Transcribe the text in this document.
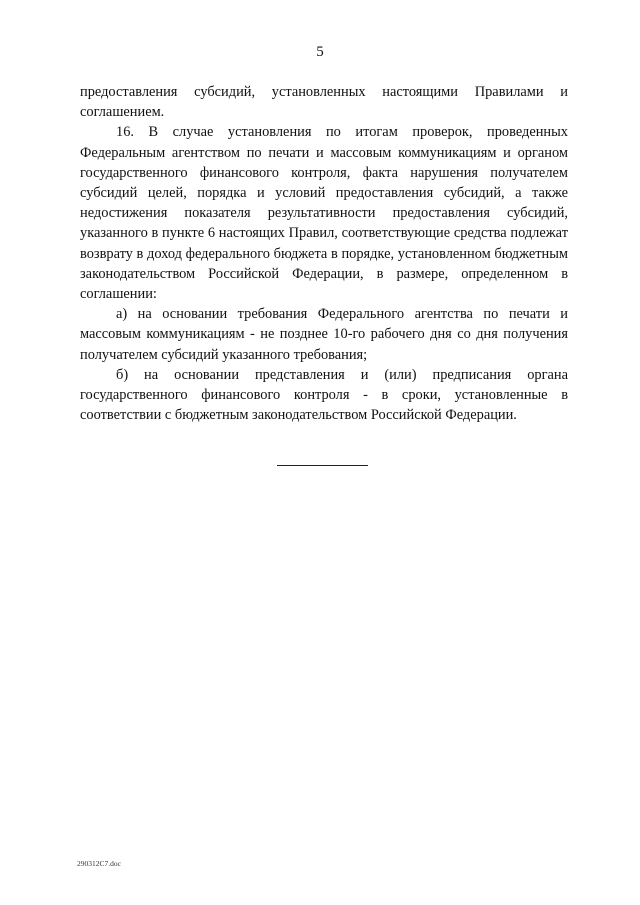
5

предоставления субсидий, установленных настоящими Правилами и соглашением.

16. В случае установления по итогам проверок, проведенных Федеральным агентством по печати и массовым коммуникациям и органом государственного финансового контроля, факта нарушения получателем субсидий целей, порядка и условий предоставления субсидий, а также недостижения показателя результативности предоставления субсидий, указанного в пункте 6 настоящих Правил, соответствующие средства подлежат возврату в доход федерального бюджета в порядке, установленном бюджетным законодательством Российской Федерации, в размере, определенном в соглашении:

а) на основании требования Федерального агентства по печати и массовым коммуникациям - не позднее 10-го рабочего дня со дня получения получателем субсидий указанного требования;

б) на основании представления и (или) предписания органа государственного финансового контроля - в сроки, установленные в соответствии с бюджетным законодательством Российской Федерации.

290312C7.doc
